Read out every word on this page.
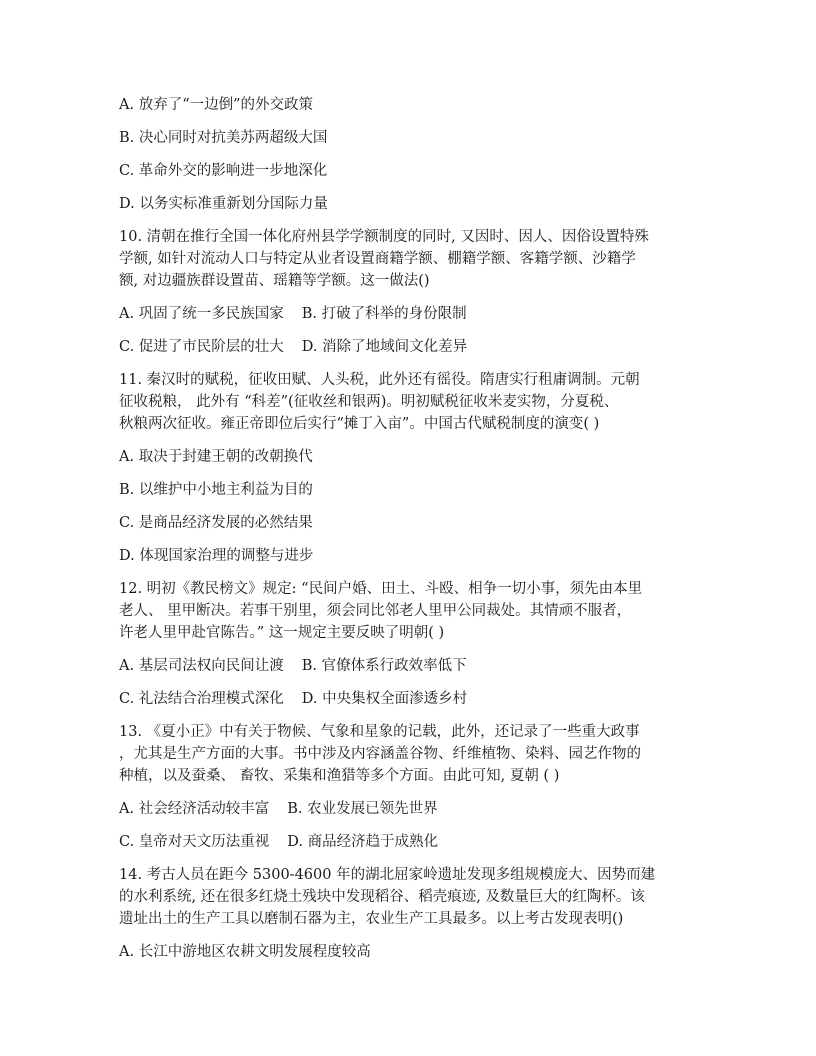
A. 放弃了“一边倒”的外交政策
B. 决心同时对抗美苏两超级大国
C. 革命外交的影响进一步地深化
D. 以务实标准重新划分国际力量
10. 清朝在推行全国一体化府州县学学额制度的同时, 又因时、因人、因俗设置特殊
学额, 如针对流动人口与特定从业者设置商籍学额、棚籍学额、客籍学额、沙籍学
额, 对边疆族群设置苗、瑶籍等学额。这一做法()
A. 巩固了统一多民族国家 B. 打破了科举的身份限制
C. 促进了市民阶层的壮大 D. 消除了地域间文化差异
11. 秦汉时的赋税，征收田赋、人头税，此外还有徭役。隋唐实行租庸调制。元朝
征收税粮， 此外有 “科差”(征收丝和银两)。明初赋税征收米麦实物，分夏税、
秋粮两次征收。雍正帝即位后实行“摊丁入亩”。中国古代赋税制度的演变( )
A. 取决于封建王朝的改朝换代
B. 以维护中小地主利益为目的
C. 是商品经济发展的必然结果
D. 体现国家治理的调整与进步
12. 明初《教民榜文》规定: “民间户婚、田土、斗殴、相争一切小事，须先由本里
老人、 里甲断决。若事干别里，须会同比邻老人里甲公同裁处。其情顽不服者，
许老人里甲赴官陈告。” 这一规定主要反映了明朝( )
A. 基层司法权向民间让渡 B. 官僚体系行政效率低下
C. 礼法结合治理模式深化 D. 中央集权全面渗透乡村
13. 《夏小正》中有关于物候、气象和星象的记载，此外，还记录了一些重大政事
，尤其是生产方面的大事。书中涉及内容涵盖谷物、纤维植物、染料、园艺作物的
种植，以及蚕桑、 畜牧、采集和渔猎等多个方面。由此可知, 夏朝 ( )
A. 社会经济活动较丰富 B. 农业发展已领先世界
C. 皇帝对天文历法重视 D. 商品经济趋于成熟化
14. 考古人员在距今 5300-4600 年的湖北屈家岭遗址发现多组规模庞大、因势而建
的水利系统, 还在很多红烧土残块中发现稻谷、稻壳痕迹, 及数量巨大的红陶杯。该
遗址出土的生产工具以磨制石器为主，农业生产工具最多。以上考古发现表明()
A. 长江中游地区农耕文明发展程度较高
